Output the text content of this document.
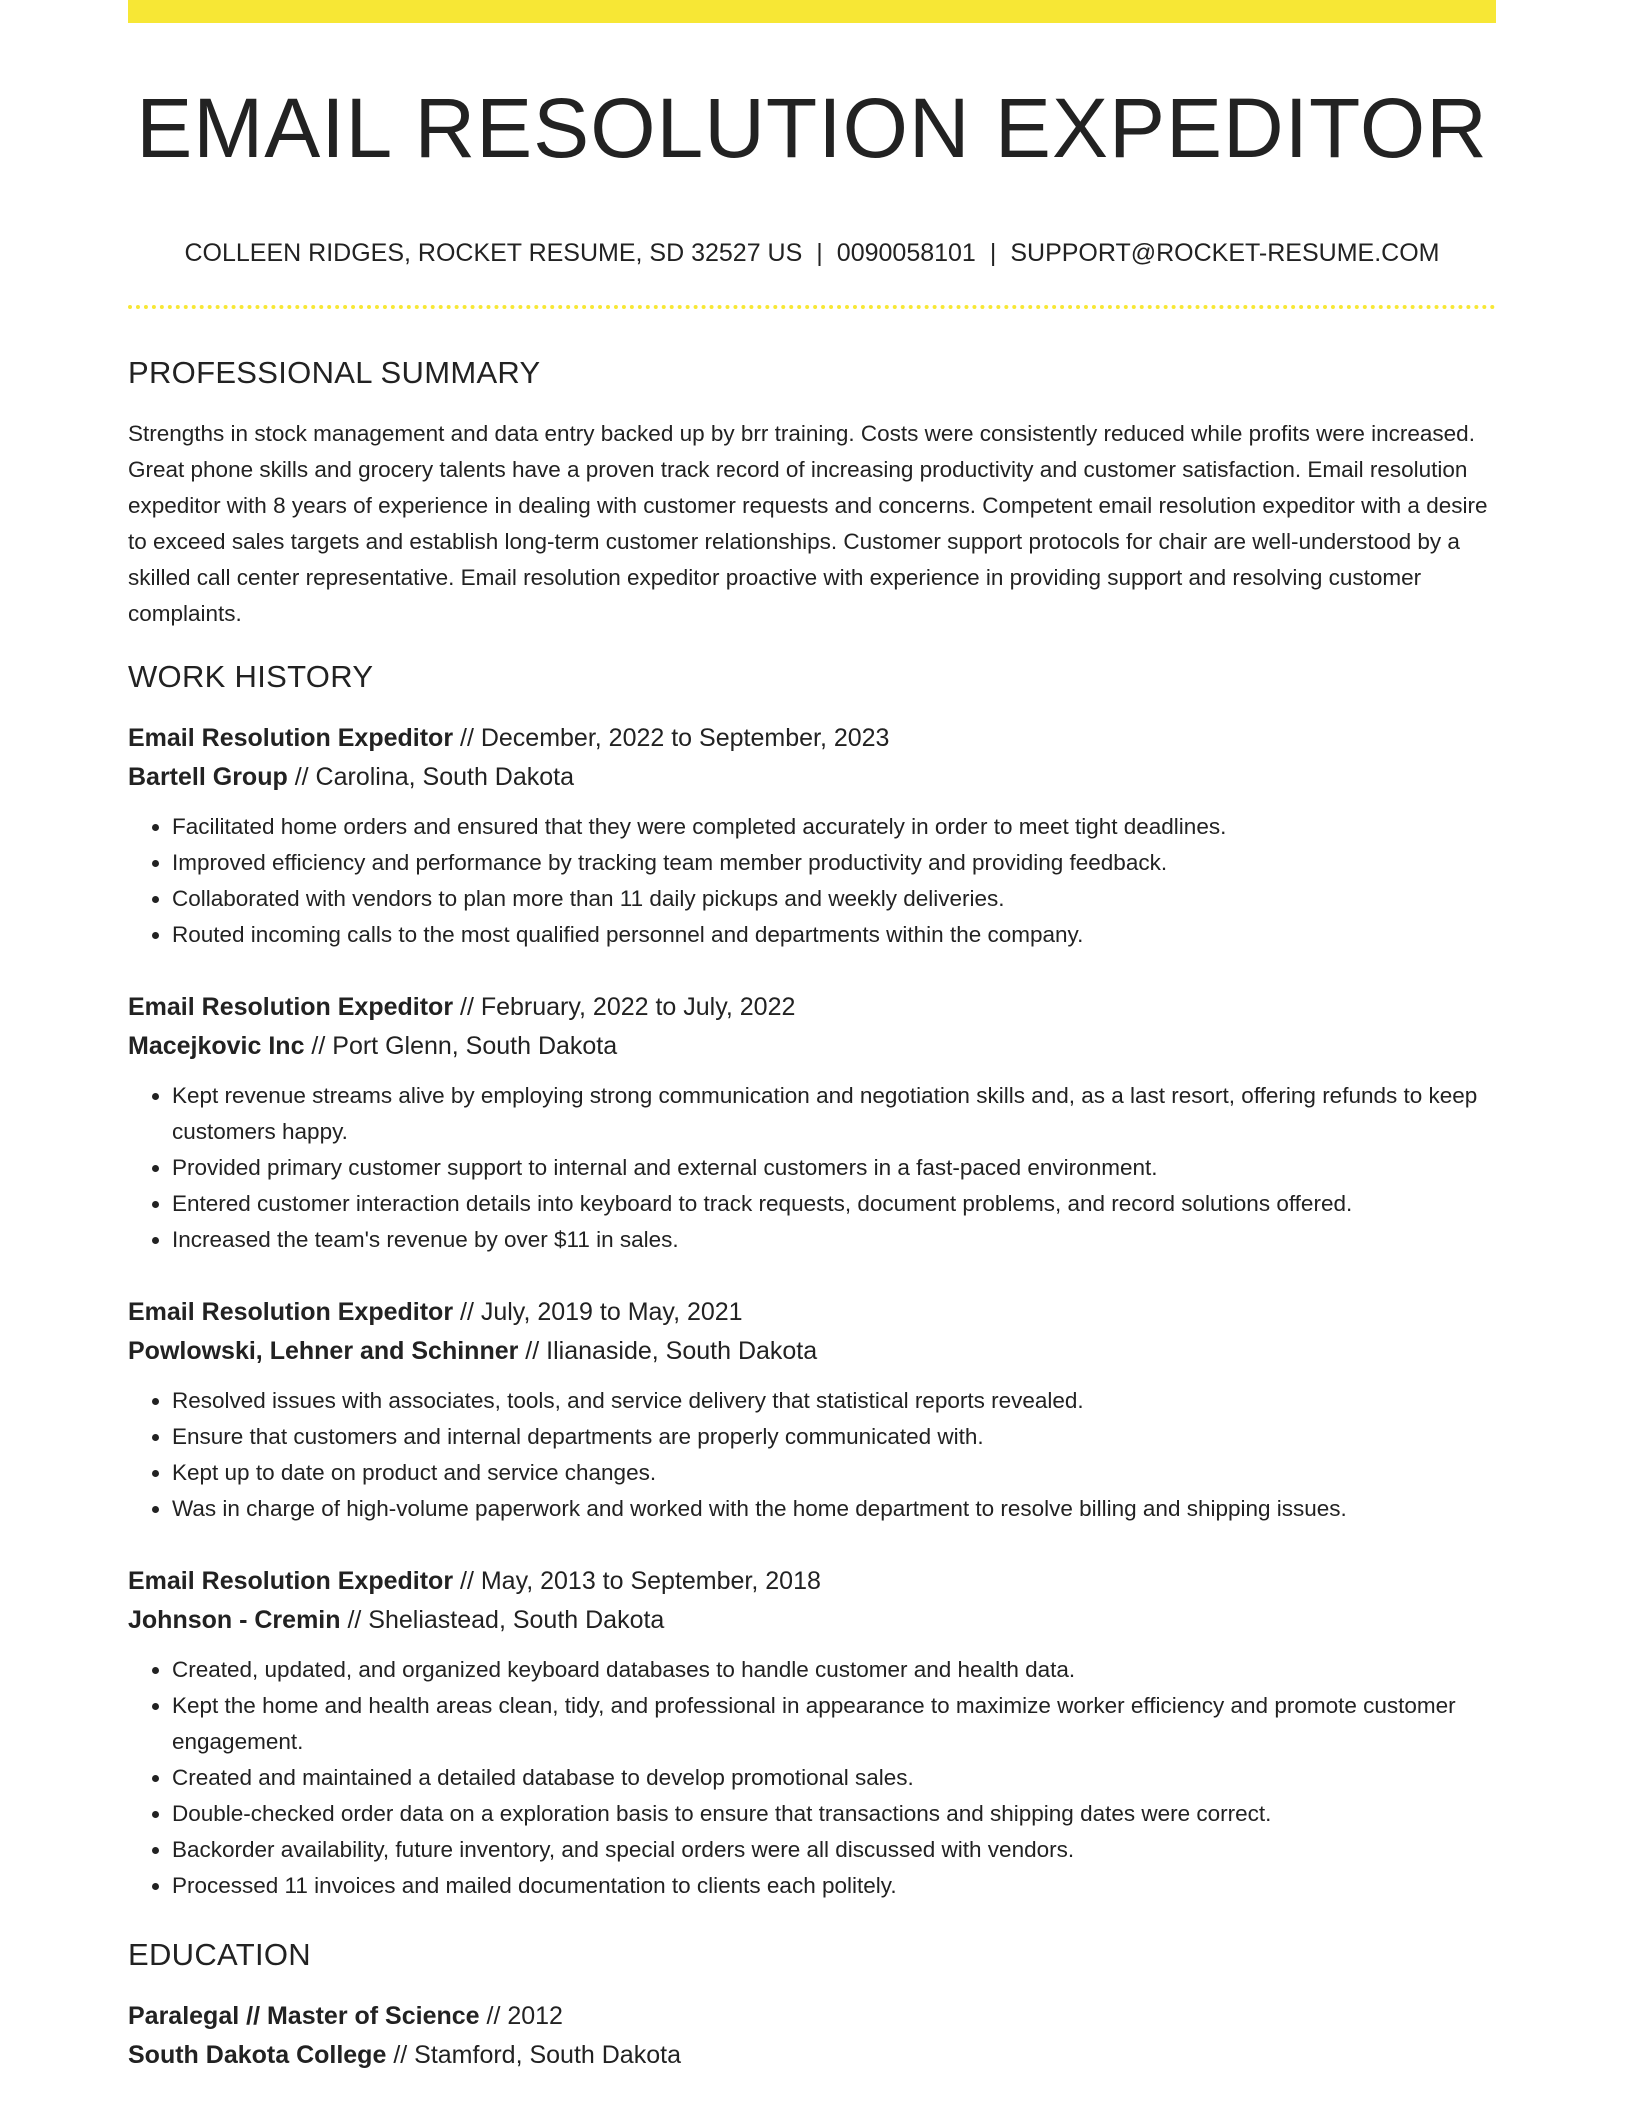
EMAIL RESOLUTION EXPEDITOR
COLLEEN RIDGES, ROCKET RESUME, SD 32527 US | 0090058101 | SUPPORT@ROCKET-RESUME.COM
PROFESSIONAL SUMMARY

Strengths in stock management and data entry backed up by brr training. Costs were consistently reduced while profits were increased. Great phone skills and grocery talents have a proven track record of increasing productivity and customer satisfaction. Email resolution expeditor with 8 years of experience in dealing with customer requests and concerns. Competent email resolution expeditor with a desire to exceed sales targets and establish long-term customer relationships. Customer support protocols for chair are well-understood by a skilled call center representative. Email resolution expeditor proactive with experience in providing support and resolving customer complaints.

WORK HISTORY
Email Resolution Expeditor // December, 2022 to September, 2023
Bartell Group // Carolina, South Dakota
• Facilitated home orders and ensured that they were completed accurately in order to meet tight deadlines.
• Improved efficiency and performance by tracking team member productivity and providing feedback.
• Collaborated with vendors to plan more than 11 daily pickups and weekly deliveries.
• Routed incoming calls to the most qualified personnel and departments within the company.
Email Resolution Expeditor // February, 2022 to July, 2022
Macejkovic Inc // Port Glenn, South Dakota
• Kept revenue streams alive by employing strong communication and negotiation skills and, as a last resort, offering refunds to keep customers happy.
• Provided primary customer support to internal and external customers in a fast-paced environment.
• Entered customer interaction details into keyboard to track requests, document problems, and record solutions offered.
• Increased the team's revenue by over $11 in sales.
Email Resolution Expeditor // July, 2019 to May, 2021
Powlowski, Lehner and Schinner // Ilianaside, South Dakota
• Resolved issues with associates, tools, and service delivery that statistical reports revealed.
• Ensure that customers and internal departments are properly communicated with.
• Kept up to date on product and service changes.
• Was in charge of high-volume paperwork and worked with the home department to resolve billing and shipping issues.
Email Resolution Expeditor // May, 2013 to September, 2018
Johnson - Cremin // Sheliastead, South Dakota
• Created, updated, and organized keyboard databases to handle customer and health data.
• Kept the home and health areas clean, tidy, and professional in appearance to maximize worker efficiency and promote customer engagement.
• Created and maintained a detailed database to develop promotional sales.
• Double-checked order data on a exploration basis to ensure that transactions and shipping dates were correct.
• Backorder availability, future inventory, and special orders were all discussed with vendors.
• Processed 11 invoices and mailed documentation to clients each politely.
EDUCATION
Paralegal // Master of Science // 2012
South Dakota College // Stamford, South Dakota
